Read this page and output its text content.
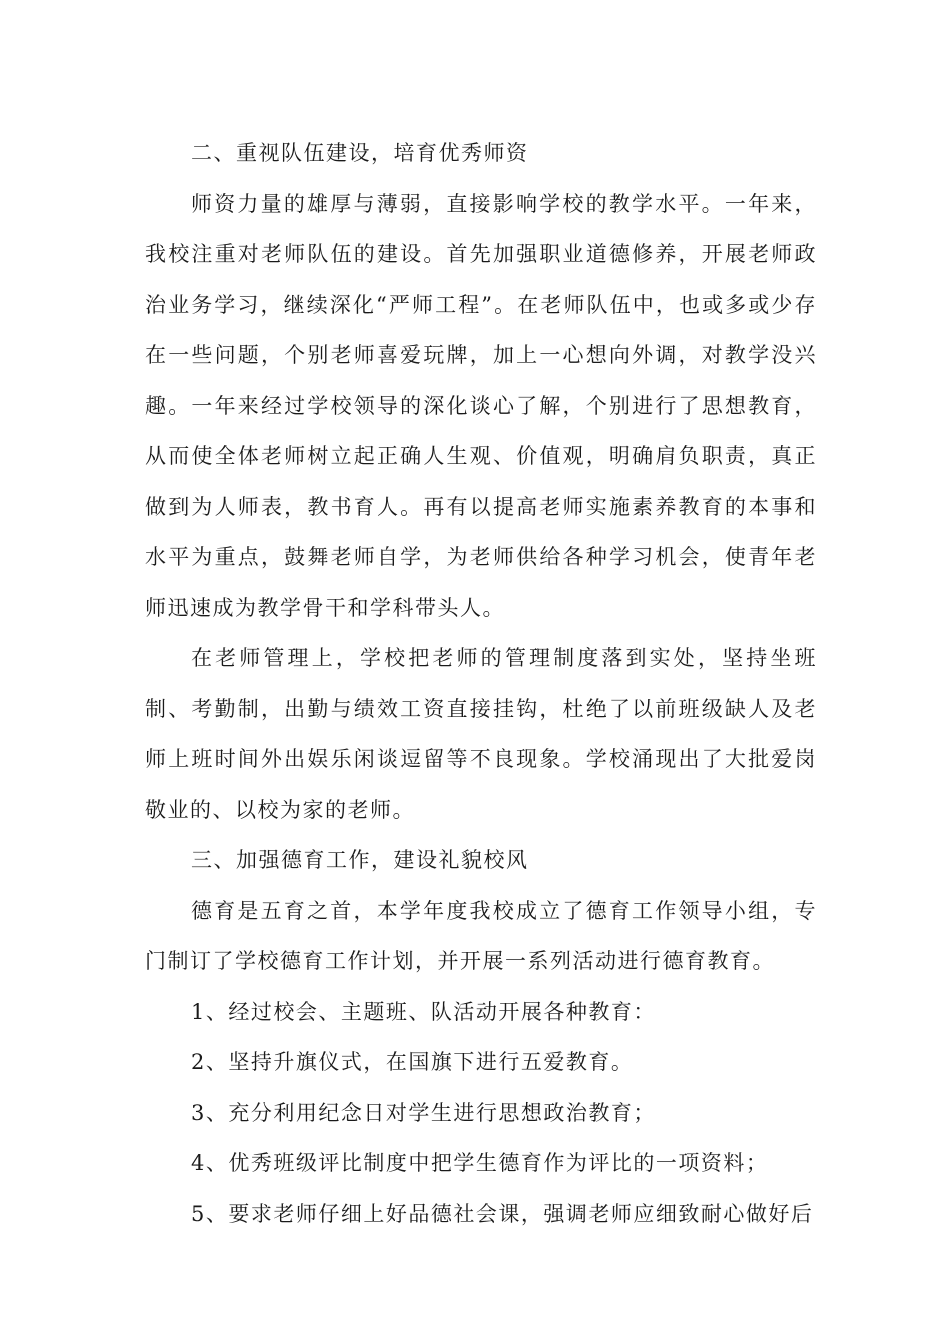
二、重视队伍建设，培育优秀师资

师资力量的雄厚与薄弱，直接影响学校的教学水平。一年来，我校注重对老师队伍的建设。首先加强职业道德修养，开展老师政治业务学习，继续深化“严师工程”。在老师队伍中，也或多或少存在一些问题，个别老师喜爱玩牌，加上一心想向外调，对教学没兴趣。一年来经过学校领导的深化谈心了解，个别进行了思想教育，从而使全体老师树立起正确人生观、价值观，明确肩负职责，真正做到为人师表，教书育人。再有以提高老师实施素养教育的本事和水平为重点，鼓舞老师自学，为老师供给各种学习机会，使青年老师迅速成为教学骨干和学科带头人。

在老师管理上，学校把老师的管理制度落到实处，坚持坐班制、考勤制，出勤与绩效工资直接挂钩，杜绝了以前班级缺人及老师上班时间外出娱乐闲谈逗留等不良现象。学校涌现出了大批爱岗敬业的、以校为家的老师。

三、加强德育工作，建设礼貌校风

德育是五育之首，本学年度我校成立了德育工作领导小组，专门制订了学校德育工作计划，并开展一系列活动进行德育教育。

1、经过校会、主题班、队活动开展各种教育：

2、坚持升旗仪式，在国旗下进行五爱教育。

3、充分利用纪念日对学生进行思想政治教育；

4、优秀班级评比制度中把学生德育作为评比的一项资料；

5、要求老师仔细上好品德社会课，强调老师应细致耐心做好后
